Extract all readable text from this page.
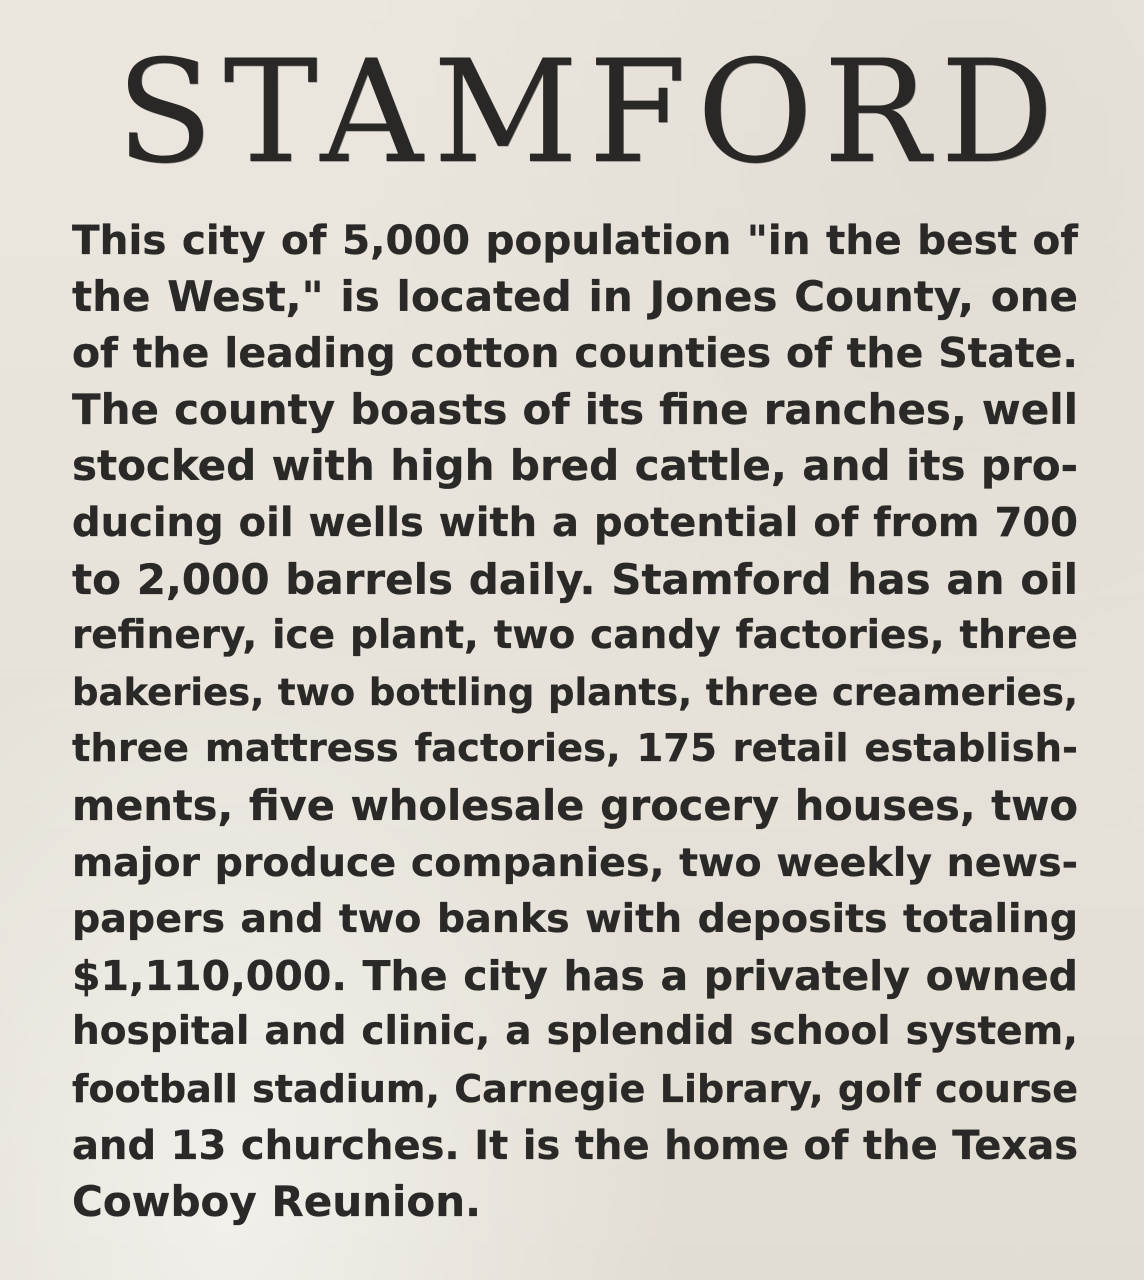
STAMFORD
This city of 5,000 population "in the best of
the West," is located in Jones County, one
of the leading cotton counties of the State.
The county boasts of its fine ranches, well
stocked with high bred cattle, and its pro-
ducing oil wells with a potential of from 700
to 2,000 barrels daily. Stamford has an oil
refinery, ice plant, two candy factories, three
bakeries, two bottling plants, three creameries,
three mattress factories, 175 retail establish-
ments, five wholesale grocery houses, two
major produce companies, two weekly news-
papers and two banks with deposits totaling
$1,110,000. The city has a privately owned
hospital and clinic, a splendid school system,
football stadium, Carnegie Library, golf course
and 13 churches. It is the home of the Texas
Cowboy Reunion.
